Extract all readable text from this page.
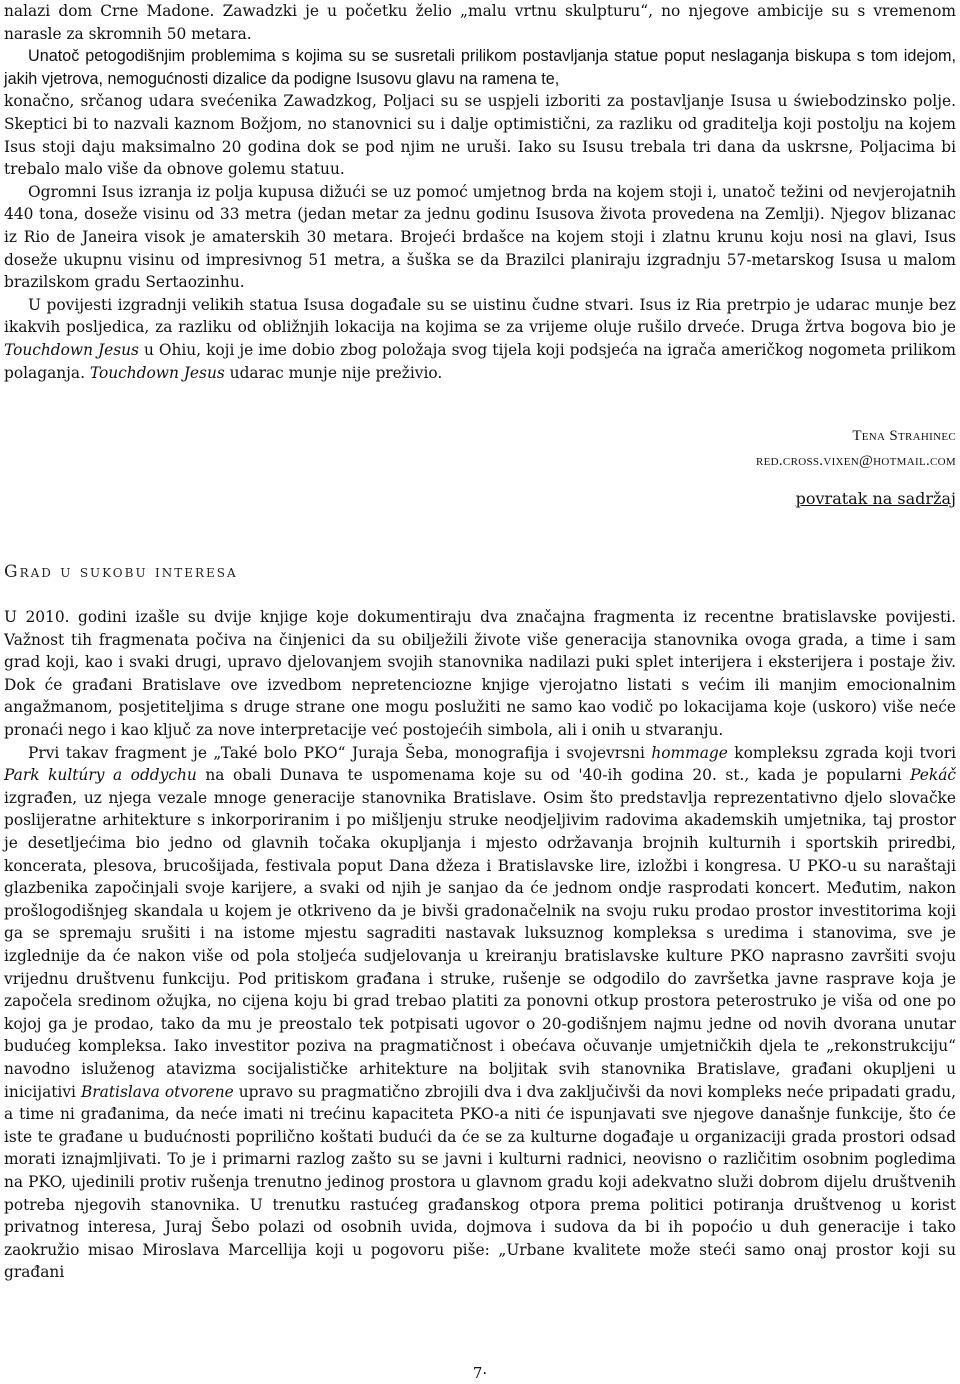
nalazi dom Crne Madone. Zawadzki je u početku želio „malu vrtnu skulpturu“, no njegove ambicije su s vremenom narasle za skromnih 50 metara.

Unatoč petogodišnjim problemima s kojima su se susretali prilikom postavljanja statue poput neslaganja biskupa s tom idejom, jakih vjetrova, nemogućnosti dizalice da podigne Isusovu glavu na ramena te,

konačno, srčanog udara svećenika Zawadzkog, Poljaci su se uspjeli izboriti za postavljanje Isusa u świebodzinsko polje. Skeptici bi to nazvali kaznom Božjom, no stanovnici su i dalje optimistični, za razliku od graditelja koji postolju na kojem Isus stoji daju maksimalno 20 godina dok se pod njim ne uruši. Iako su Isusu trebala tri dana da uskrsne, Poljacima bi trebalo malo više da obnove golemu statuu.

Ogromni Isus izranja iz polja kupusa dižući se uz pomoć umjetnog brda na kojem stoji i, unatoč težini od nevjerojatnih 440 tona, doseže visinu od 33 metra (jedan metar za jednu godinu Isusova života provedena na Zemlji). Njegov blizanac iz Rio de Janeira visok je amaterskih 30 metara. Brojeći brdašce na kojem stoji i zlatnu krunu koju nosi na glavi, Isus doseže ukupnu visinu od impresivnog 51 metra, a šuška se da Brazilci planiraju izgradnju 57-metarskog Isusa u malom brazilskom gradu Sertaozinhu.

U povijesti izgradnji velikih statua Isusa događale su se uistinu čudne stvari. Isus iz Ria pretrpio je udarac munje bez ikakvih posljedica, za razliku od obližnjih lokacija na kojima se za vrijeme oluje rušilo drveće. Druga žrtva bogova bio je Touchdown Jesus u Ohiu, koji je ime dobio zbog položaja svog tijela koji podsjeća na igrača američkog nogometa prilikom polaganja. Touchdown Jesus udarac munje nije preživio.

Tena Strahinec
red.cross.vixen@hotmail.com
povratak na sadržaj
Grad u sukobu interesa

U 2010. godini izašle su dvije knjige koje dokumentiraju dva značajna fragmenta iz recentne bratislavske povijesti. Važnost tih fragmenata počiva na činjenici da su obilježili živote više generacija stanovnika ovoga grada, a time i sam grad koji, kao i svaki drugi, upravo djelovanjem svojih stanovnika nadilazi puki splet interijera i eksterijera i postaje živ. Dok će građani Bratislave ove izvedbom nepretenciozne knjige vjerojatno listati s većim ili manjim emocionalnim angažmanom, posjetiteljima s druge strane one mogu poslužiti ne samo kao vodič po lokacijama koje (uskoro) više neće pronaći nego i kao ključ za nove interpretacije već postojećih simbola, ali i onih u stvaranju.

Prvi takav fragment je „Také bolo PKO“ Juraja Šeba, monografija i svojevrsni hommage kompleksu zgrada koji tvori Park kultúry a oddychu na obali Dunava te uspomenama koje su od '40-ih godina 20. st., kada je popularni Pekáč izgrađen, uz njega vezale mnoge generacije stanovnika Bratislave. Osim što predstavlja reprezentativno djelo slovačke poslijeratne arhitekture s inkorporiranim i po mišljenju struke neodjeljivim radovima akademskih umjetnika, taj prostor je desetljećima bio jedno od glavnih točaka okupljanja i mjesto održavanja brojnih kulturnih i sportskih priredbi, koncerata, plesova, brucošijada, festivala poput Dana džeza i Bratislavske lire, izložbi i kongresa. U PKO-u su naraštaji glazbenika započinjali svoje karijere, a svaki od njih je sanjao da će jednom ondje rasprodati koncert. Međutim, nakon prošlogodišnjeg skandala u kojem je otkriveno da je bivši gradonačelnik na svoju ruku prodao prostor investitorima koji ga se spremaju srušiti i na istome mjestu sagraditi nastavak luksuznog kompleksa s uredima i stanovima, sve je izglednije da će nakon više od pola stoljeća sudjelovanja u kreiranju bratislavske kulture PKO naprasno završiti svoju vrijednu društvenu funkciju. Pod pritiskom građana i struke, rušenje se odgodilo do završetka javne rasprave koja je započela sredinom ožujka, no cijena koju bi grad trebao platiti za ponovni otkup prostora peterostruko je viša od one po kojoj ga je prodao, tako da mu je preostalo tek potpisati ugovor o 20-godišnjem najmu jedne od novih dvorana unutar budućeg kompleksa. Iako investitor poziva na pragmatičnost i obećava očuvanje umjetničkih djela te „rekonstrukciju“ navodno isluženog atavizma socijalističke arhitekture na boljitak svih stanovnika Bratislave, građani okupljeni u inicijativi Bratislava otvorene upravo su pragmatično zbrojili dva i dva zaključivši da novi kompleks neće pripadati gradu, a time ni građanima, da neće imati ni trećinu kapaciteta PKO-a niti će ispunjavati sve njegove današnje funkcije, što će iste te građane u budućnosti poprilično koštati budući da će se za kulturne događaje u organizaciji grada prostori odsad morati iznajmljivati. To je i primarni razlog zašto su se javni i kulturni radnici, neovisno o različitim osobnim pogledima na PKO, ujedinili protiv rušenja trenutno jedinog prostora u glavnom gradu koji adekvatno služi dobrom dijelu društvenih potreba njegovih stanovnika. U trenutku rastućeg građanskog otpora prema politici potiranja društvenog u korist privatnog interesa, Juraj Šebo polazi od osobnih uvida, dojmova i sudova da bi ih popoćio u duh generacije i tako zaokružio misao Miroslava Marcellija koji u pogovoru piše: „Urbane kvalitete može steći samo onaj prostor koji su građani

7·
